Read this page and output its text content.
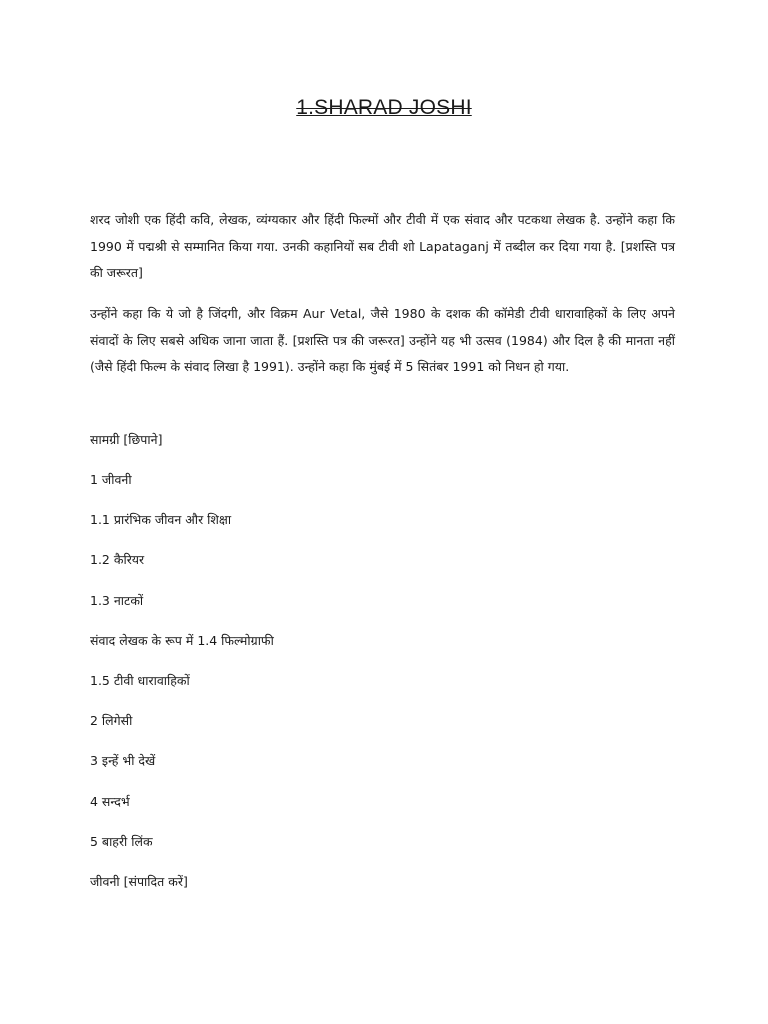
1.SHARAD JOSHI

शरद जोशी एक हिंदी कवि, लेखक, व्यंग्यकार और हिंदी फिल्मों और टीवी में एक संवाद और पटकथा लेखक है. उन्होंने कहा कि 1990 में पद्मश्री से सम्मानित किया गया. उनकी कहानियों सब टीवी शो Lapataganj में तब्दील कर दिया गया है. [प्रशस्ति पत्र की जरूरत]

उन्होंने कहा कि ये जो है जिंदगी, और विक्रम Aur Vetal, जैसे 1980 के दशक की कॉमेडी टीवी धारावाहिकों के लिए अपने संवादों के लिए सबसे अधिक जाना जाता हैं. [प्रशस्ति पत्र की जरूरत] उन्होंने यह भी उत्सव (1984) और दिल है की मानता नहीं (जैसे हिंदी फिल्म के संवाद लिखा है 1991). उन्होंने कहा कि मुंबई में 5 सितंबर 1991 को निधन हो गया.

सामग्री [छिपाने]
1 जीवनी
1.1 प्रारंभिक जीवन और शिक्षा
1.2 कैरियर
1.3 नाटकों
संवाद लेखक के रूप में 1.4 फिल्मोग्राफी
1.5 टीवी धारावाहिकों
2 लिगेसी
3 इन्हें भी देखें
4 सन्दर्भ
5 बाहरी लिंक
जीवनी [संपादित करें]
